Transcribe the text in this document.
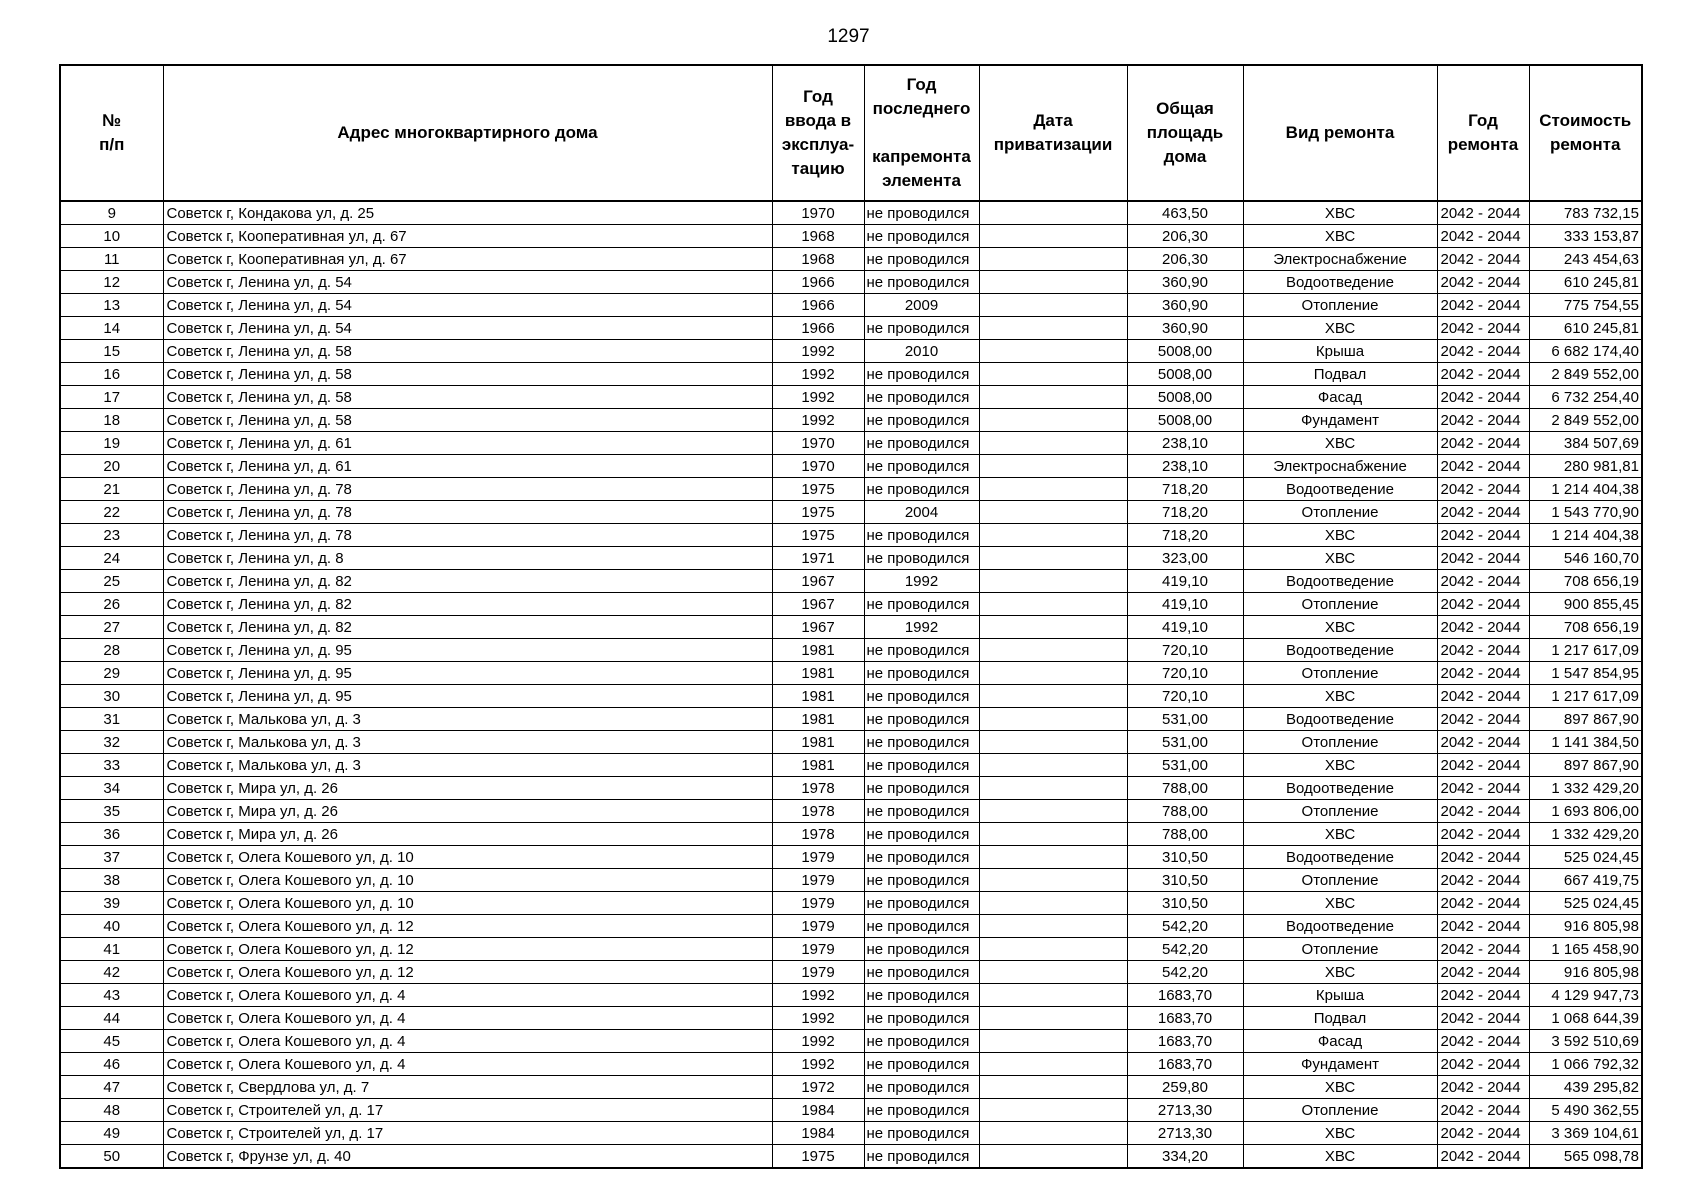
1297
№
п/п	Адрес многоквартирного дома	Год
ввода в
эксплуа-
тацию	Год
последнего

капремонта
элемента	Дата
приватизации	Общая
площадь
дома	Вид ремонта	Год
ремонта	Стоимость
ремонта
9	Советск г, Кондакова ул, д. 25	1970	не проводился		463,50	ХВС	2042 - 2044	783 732,15
10	Советск г, Кооперативная ул, д. 67	1968	не проводился		206,30	ХВС	2042 - 2044	333 153,87
11	Советск г, Кооперативная ул, д. 67	1968	не проводился		206,30	Электроснабжение	2042 - 2044	243 454,63
12	Советск г, Ленина ул, д. 54	1966	не проводился		360,90	Водоотведение	2042 - 2044	610 245,81
13	Советск г, Ленина ул, д. 54	1966	2009		360,90	Отопление	2042 - 2044	775 754,55
14	Советск г, Ленина ул, д. 54	1966	не проводился		360,90	ХВС	2042 - 2044	610 245,81
15	Советск г, Ленина ул, д. 58	1992	2010		5008,00	Крыша	2042 - 2044	6 682 174,40
16	Советск г, Ленина ул, д. 58	1992	не проводился		5008,00	Подвал	2042 - 2044	2 849 552,00
17	Советск г, Ленина ул, д. 58	1992	не проводился		5008,00	Фасад	2042 - 2044	6 732 254,40
18	Советск г, Ленина ул, д. 58	1992	не проводился		5008,00	Фундамент	2042 - 2044	2 849 552,00
19	Советск г, Ленина ул, д. 61	1970	не проводился		238,10	ХВС	2042 - 2044	384 507,69
20	Советск г, Ленина ул, д. 61	1970	не проводился		238,10	Электроснабжение	2042 - 2044	280 981,81
21	Советск г, Ленина ул, д. 78	1975	не проводился		718,20	Водоотведение	2042 - 2044	1 214 404,38
22	Советск г, Ленина ул, д. 78	1975	2004		718,20	Отопление	2042 - 2044	1 543 770,90
23	Советск г, Ленина ул, д. 78	1975	не проводился		718,20	ХВС	2042 - 2044	1 214 404,38
24	Советск г, Ленина ул, д. 8	1971	не проводился		323,00	ХВС	2042 - 2044	546 160,70
25	Советск г, Ленина ул, д. 82	1967	1992		419,10	Водоотведение	2042 - 2044	708 656,19
26	Советск г, Ленина ул, д. 82	1967	не проводился		419,10	Отопление	2042 - 2044	900 855,45
27	Советск г, Ленина ул, д. 82	1967	1992		419,10	ХВС	2042 - 2044	708 656,19
28	Советск г, Ленина ул, д. 95	1981	не проводился		720,10	Водоотведение	2042 - 2044	1 217 617,09
29	Советск г, Ленина ул, д. 95	1981	не проводился		720,10	Отопление	2042 - 2044	1 547 854,95
30	Советск г, Ленина ул, д. 95	1981	не проводился		720,10	ХВС	2042 - 2044	1 217 617,09
31	Советск г, Малькова ул, д. 3	1981	не проводился		531,00	Водоотведение	2042 - 2044	897 867,90
32	Советск г, Малькова ул, д. 3	1981	не проводился		531,00	Отопление	2042 - 2044	1 141 384,50
33	Советск г, Малькова ул, д. 3	1981	не проводился		531,00	ХВС	2042 - 2044	897 867,90
34	Советск г, Мира ул, д. 26	1978	не проводился		788,00	Водоотведение	2042 - 2044	1 332 429,20
35	Советск г, Мира ул, д. 26	1978	не проводился		788,00	Отопление	2042 - 2044	1 693 806,00
36	Советск г, Мира ул, д. 26	1978	не проводился		788,00	ХВС	2042 - 2044	1 332 429,20
37	Советск г, Олега Кошевого ул, д. 10	1979	не проводился		310,50	Водоотведение	2042 - 2044	525 024,45
38	Советск г, Олега Кошевого ул, д. 10	1979	не проводился		310,50	Отопление	2042 - 2044	667 419,75
39	Советск г, Олега Кошевого ул, д. 10	1979	не проводился		310,50	ХВС	2042 - 2044	525 024,45
40	Советск г, Олега Кошевого ул, д. 12	1979	не проводился		542,20	Водоотведение	2042 - 2044	916 805,98
41	Советск г, Олега Кошевого ул, д. 12	1979	не проводился		542,20	Отопление	2042 - 2044	1 165 458,90
42	Советск г, Олега Кошевого ул, д. 12	1979	не проводился		542,20	ХВС	2042 - 2044	916 805,98
43	Советск г, Олега Кошевого ул, д. 4	1992	не проводился		1683,70	Крыша	2042 - 2044	4 129 947,73
44	Советск г, Олега Кошевого ул, д. 4	1992	не проводился		1683,70	Подвал	2042 - 2044	1 068 644,39
45	Советск г, Олега Кошевого ул, д. 4	1992	не проводился		1683,70	Фасад	2042 - 2044	3 592 510,69
46	Советск г, Олега Кошевого ул, д. 4	1992	не проводился		1683,70	Фундамент	2042 - 2044	1 066 792,32
47	Советск г, Свердлова ул, д. 7	1972	не проводился		259,80	ХВС	2042 - 2044	439 295,82
48	Советск г, Строителей ул, д. 17	1984	не проводился		2713,30	Отопление	2042 - 2044	5 490 362,55
49	Советск г, Строителей ул, д. 17	1984	не проводился		2713,30	ХВС	2042 - 2044	3 369 104,61
50	Советск г, Фрунзе ул, д. 40	1975	не проводился		334,20	ХВС	2042 - 2044	565 098,78
